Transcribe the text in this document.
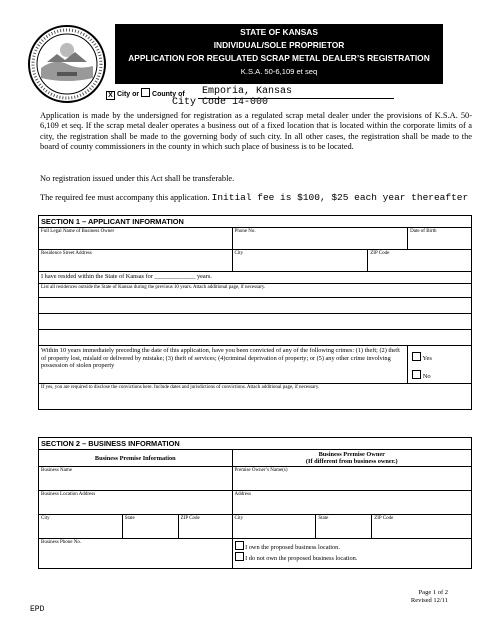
STATE OF KANSAS
INDIVIDUAL/SOLE PROPRIETOR
APPLICATION FOR REGULATED SCRAP METAL DEALER’S REGISTRATION
K.S.A. 50-6,109 et seq
X City or County of Emporia, Kansas
City Code 14-000
Application is made by the undersigned for registration as a regulated scrap metal dealer under the provisions of K.S.A. 50-6,109 et seq. If the scrap metal dealer operates a business out of a fixed location that is located within the corporate limits of a city, the registration shall be made to the governing body of such city. In all other cases, the registration shall be made to the board of county commissioners in the county in which such place of business is to be located.
No registration issued under this Act shall be transferable.
The required fee must accompany this application. Initial fee is $100, $25 each year thereafter
SECTION 1 – APPLICANT INFORMATION			
Full Legal Name of Business Owner	Phone No.		Date of Birth
Residence Street Address	City	ZIP Code	
I have resided within the State of Kansas for _____________ years.			
List all residences outside the State of Kansas during the previous 10 years. Attach additional page, if necessary.			

Within 10 years immediately preceding the date of this application, have you been convicted of any of the following crimes: (1) theft; (2) theft of property lost, mislaid or delivered by mistake; (3) theft of services; (4)criminal deprivation of property; or (5) any other crime involving possession of stolen property			Yes
No

If yes, you are required to disclose the convictions here. Include dates and jurisdictions of convictions. Attach additional page, if necessary.			
SECTION 2 – BUSINESS INFORMATION					
Business Premise Information			Business Premise Owner
(If different from business owner.)		

Business Name			Premise Owner’s Name(s)		
Business Location Address			Address		
City	State	ZIP Code	City	State	ZIP Code
Business Phone No.			I own the proposed business location.
I do not own the proposed business location.		
Page 1 of 2
Revised 12/11
EPD
